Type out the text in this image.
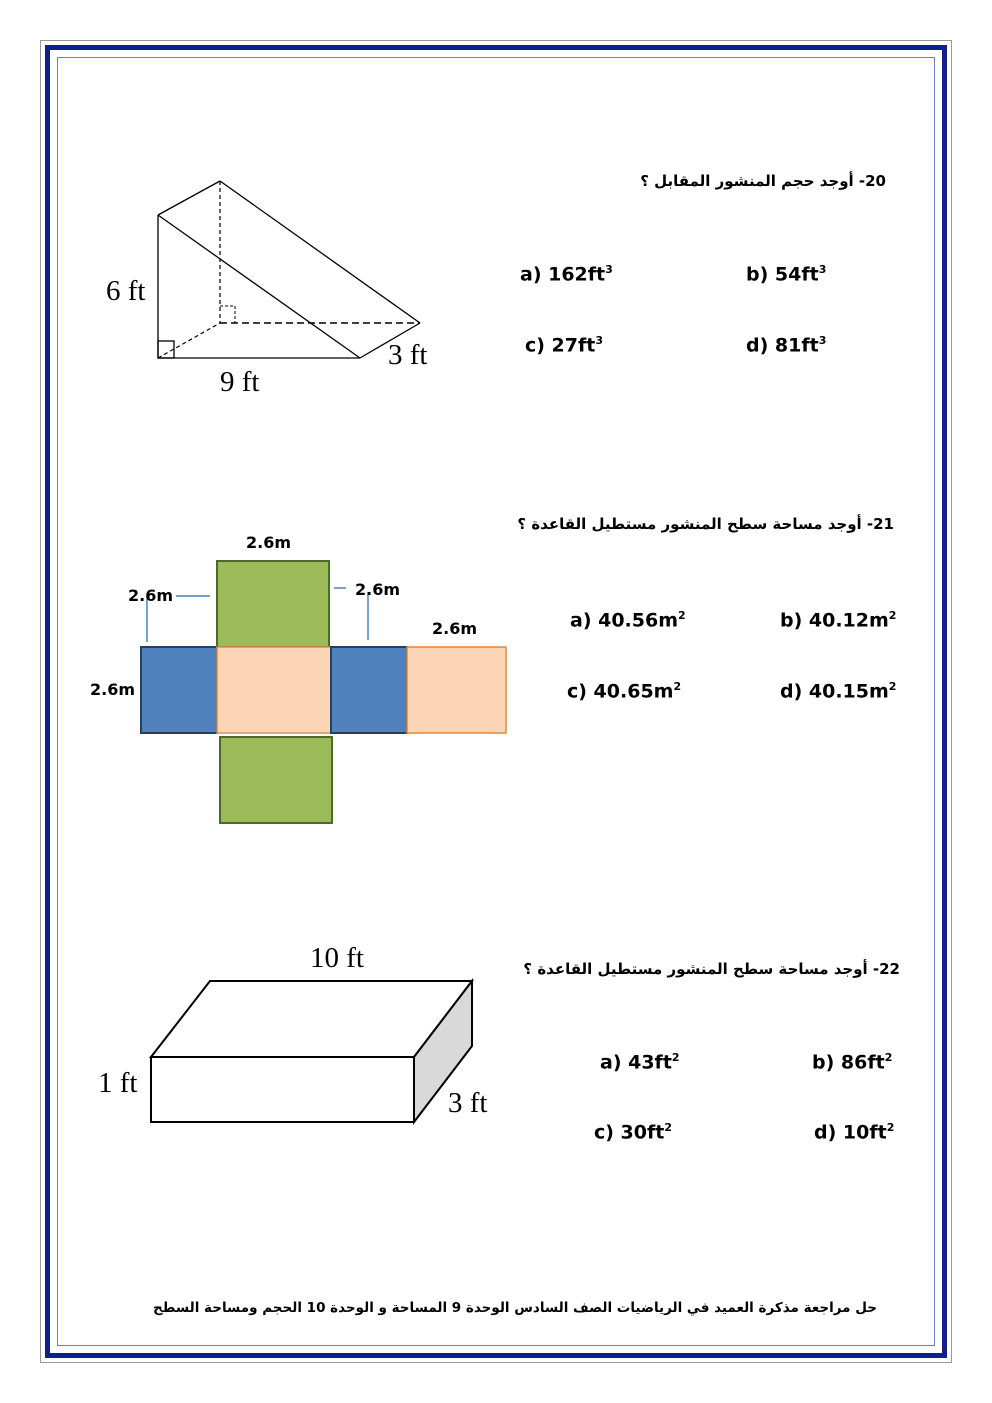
20- أوجد حجم المنشور المقابل ؟
6 ft
9 ft
3 ft
a) $162ft^3$	b) $54ft^3$
c) $27ft^3$	d) $81ft^3$
21- أوجد مساحة سطح المنشور مستطيل القاعدة ؟
2.6m
2.6m	2.6m
2.6m
2.6m
a) $40.56m^2$	b) $40.12m^2$
c) $40.65m^2$	d) $40.15m^2$
22- أوجد مساحة سطح المنشور مستطيل القاعدة ؟
10 ft
1 ft
3 ft
a) $43ft^2$	b) $86ft^2$
c) $30ft^2$	d) $10ft^2$
حل مراجعة مذكرة العميد في الرياضيات الصف السادس الوحدة 9 المساحة و الوحدة 10 الحجم ومساحة السطح
